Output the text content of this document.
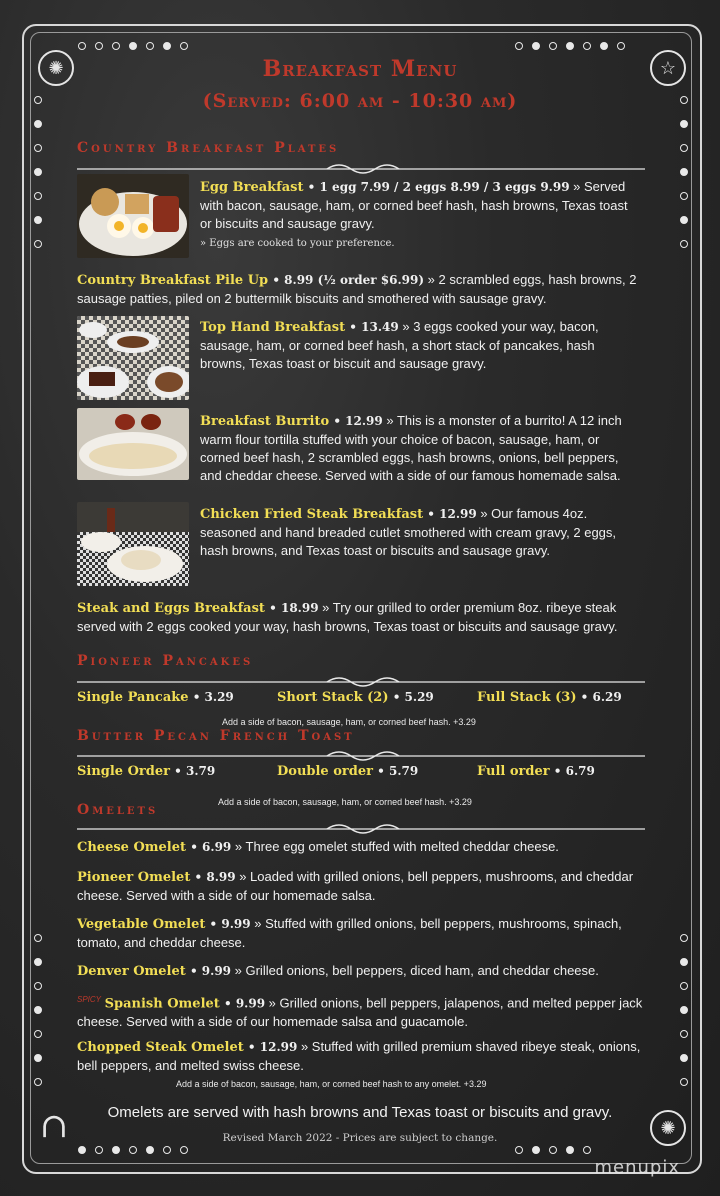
✺	☆
∩	✺
Breakfast Menu
(Served: 6:00 am - 10:30 am)
Country Breakfast Plates
Egg Breakfast • 1 egg 7.99 / 2 eggs 8.99 / 3 eggs 9.99 » Served with bacon, sausage, ham, or corned beef hash, hash browns, Texas toast or biscuits and sausage gravy.
» Eggs are cooked to your preference.
Country Breakfast Pile Up • 8.99 (½ order $6.99) » 2 scrambled eggs, hash browns, 2 sausage patties, piled on 2 buttermilk biscuits and smothered with sausage gravy.
Top Hand Breakfast • 13.49 » 3 eggs cooked your way, bacon, sausage, ham, or corned beef hash, a short stack of pancakes, hash browns, Texas toast or biscuit and sausage gravy.
Breakfast Burrito • 12.99 » This is a monster of a burrito! A 12 inch warm flour tortilla stuffed with your choice of bacon, sausage, ham, or corned beef hash, 2 scrambled eggs, hash browns, onions, bell peppers, and cheddar cheese. Served with a side of our famous homemade salsa.
Chicken Fried Steak Breakfast • 12.99 » Our famous 4oz. seasoned and hand breaded cutlet smothered with cream gravy, 2 eggs, hash browns, and Texas toast or biscuits and sausage gravy.
Steak and Eggs Breakfast • 18.99 » Try our grilled to order premium 8oz. ribeye steak served with 2 eggs cooked your way, hash browns, Texas toast or biscuits and sausage gravy.
Pioneer Pancakes
Single Pancake • 3.29	Short Stack (2) • 5.29	Full Stack (3) • 6.29
Add a side of bacon, sausage, ham, or corned beef hash. +3.29
Butter Pecan French Toast
Single Order • 3.79	Double order • 5.79	Full order • 6.79
Omelets	Add a side of bacon, sausage, ham, or corned beef hash. +3.29
Cheese Omelet • 6.99 » Three egg omelet stuffed with melted cheddar cheese.
Pioneer Omelet • 8.99 » Loaded with grilled onions, bell peppers, mushrooms, and cheddar cheese. Served with a side of our homemade salsa.
Vegetable Omelet • 9.99 » Stuffed with grilled onions, bell peppers, mushrooms, spinach, tomato, and cheddar cheese.
Denver Omelet • 9.99 » Grilled onions, bell peppers, diced ham, and cheddar cheese.
$^{SPICY}$ Spanish Omelet • 9.99 » Grilled onions, bell peppers, jalapenos, and melted pepper jack cheese. Served with a side of our homemade salsa and guacamole.
Chopped Steak Omelet • 12.99 » Stuffed with grilled premium shaved ribeye steak, onions, bell peppers, and melted swiss cheese.
Add a side of bacon, sausage, ham, or corned beef hash to any omelet. +3.29
Omelets are served with hash browns and Texas toast or biscuits and gravy.
Revised March 2022 - Prices are subject to change.
menupix
